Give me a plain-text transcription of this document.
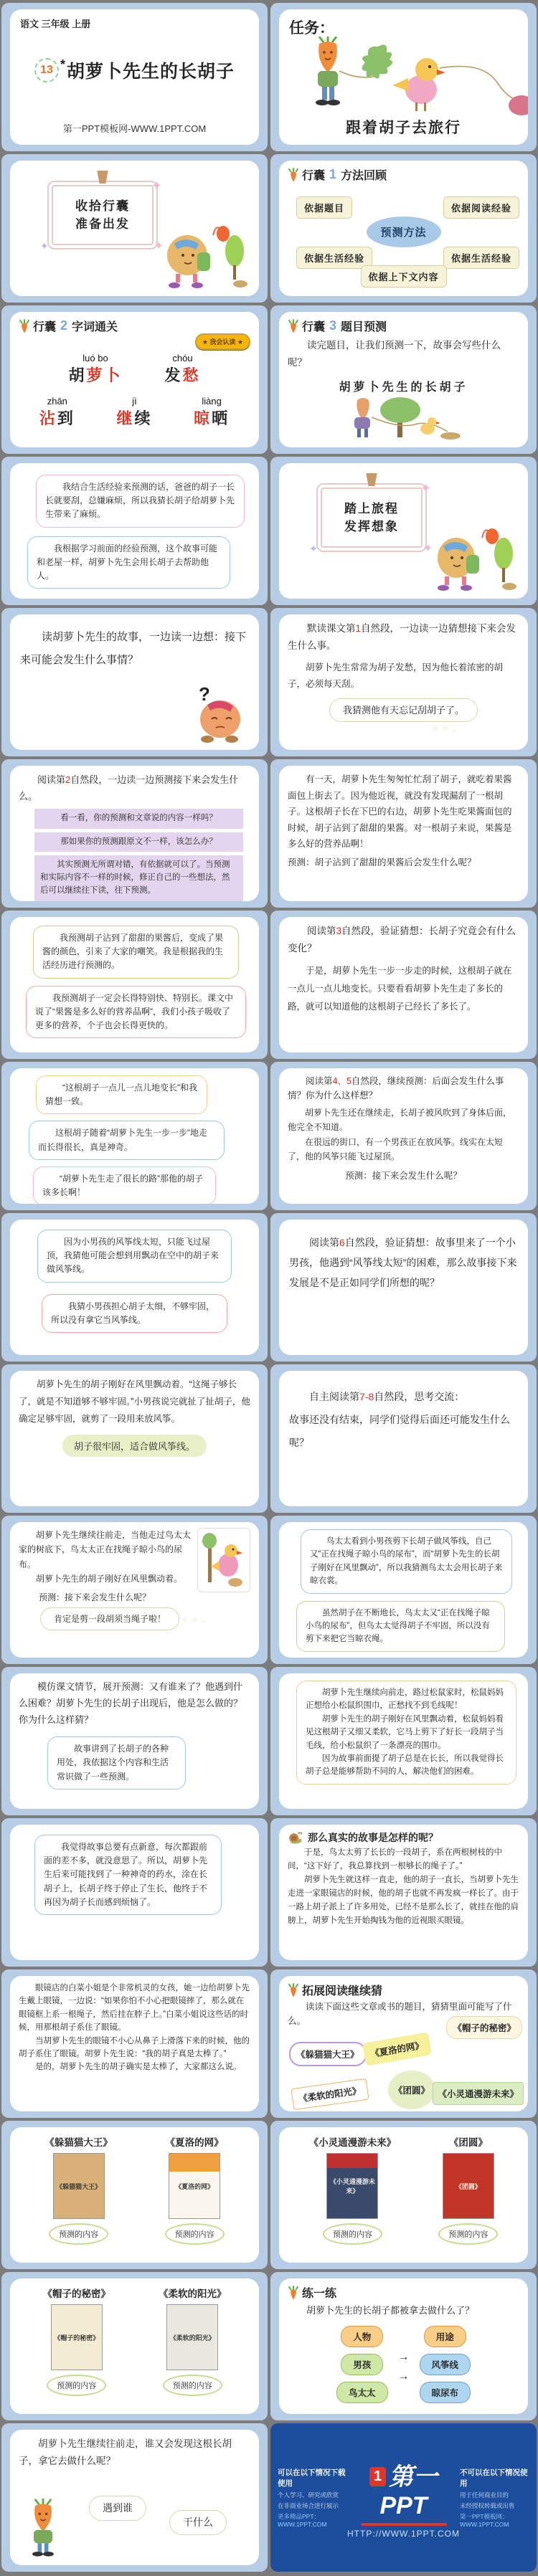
语文 三年级 上册
13 * 胡萝卜先生的长胡子
第一PPT模板网-WWW.1PPT.COM
任务：
跟着胡子去旅行
✦
✦
✦
收拾行囊
准备出发
行囊 1 方法回顾
依据题目	依据阅读经验
预测方法
依据生活经验	依据生活经验
依据上下文内容
行囊 2 字词通关
★ 我会认读 ★
luó bo
胡萝卜
chóu
发愁
zhān
沾到
jì
继续
liàng
晾晒
行囊 3 题目预测
读完题目，让我们预测一下，故事会写些什么呢？
胡萝卜先生的长胡子

我结合生活经验来预测的话，爸爸的胡子一长长就要刮，总嫌麻烦，所以我猜长胡子给胡萝卜先生带来了麻烦。

我根据学习前面的经验预测，这个故事可能和老屋一样，胡萝卜先生会用长胡子去帮助他人。

✦
✦
✦
踏上旅程
发挥想象
读胡萝卜先生的故事，一边读一边想：接下来可能会发生什么事情？
?
默读课文第1自然段，一边读一边猜想接下来会发生什么事。
胡萝卜先生常常为胡子发愁，因为他长着浓密的胡子，必须每天刮。
我猜测他有天忘记刮胡子了。
○ ○ 。
阅读第2自然段，一边读一边预测接下来会发生什么。
看一看，你的预测和文章说的内容一样吗？
那如果你的预测跟原文不一样，该怎么办？
其实预测无所谓对错，有依据就可以了。当预测和实际内容不一样的时候，修正自己的一些想法，然后可以继续往下读，往下预测。
有一天，胡萝卜先生匆匆忙忙刮了胡子，就吃着果酱面包上街去了。因为他近视，就没有发现漏刮了一根胡子。这根胡子长在下巴的右边，胡萝卜先生吃果酱面包的时候，胡子沾到了甜甜的果酱。对一根胡子来说，果酱是多么好的营养品啊！
预测：胡子沾到了甜甜的果酱后会发生什么呢？

我预测胡子沾到了甜甜的果酱后，变成了果酱的颜色，引来了大家的嘲笑。我是根据我的生活经历进行预测的。

我预测胡子一定会长得特别快、特别长。课文中说了“果酱是多么好的营养品啊”，我们小孩子吸收了更多的营养，个子也会长得更快的。

阅读第3自然段，验证猜想：长胡子究竟会有什么变化？
于是，胡萝卜先生一步一步走的时候，这根胡子就在一点儿一点儿地变长。只要看看胡萝卜先生走了多长的路，就可以知道他的这根胡子已经长了多长了。

“这根胡子一点儿一点儿地变长”和我猜想一致。

这根胡子随着“胡萝卜先生一步一步”地走而长得很长，真是神奇。

“胡萝卜先生走了很长的路”那他的胡子该多长啊！

阅读第4、5自然段，继续预测：后面会发生什么事情？你为什么这样想？
胡萝卜先生还在继续走，长胡子被风吹到了身体后面，他完全不知道。
在很远的街口，有一个男孩正在放风筝。线实在太短了，他的风筝只能飞过屋顶。
预测：接下来会发生什么呢？

因为小男孩的风筝线太短，只能飞过屋顶，我猜他可能会想到用飘动在空中的胡子来做风筝线。

我猜小男孩担心胡子太细，不够牢固，所以没有拿它当风筝线。

阅读第6自然段，验证猜想：故事里来了一个小男孩，他遇到“风筝线太短”的困难，那么故事接下来发展是不是正如同学们所想的呢？
胡萝卜先生的胡子刚好在风里飘动着。“这绳子够长了，就是不知道够不够牢固。”小男孩说完就扯了扯胡子，他确定足够牢固，就剪了一段用来放风筝。
胡子很牢固，适合做风筝线。
自主阅读第7-8自然段，思考交流：
故事还没有结束，同学们觉得后面还可能发生什么呢？
胡萝卜先生继续往前走，当他走过鸟太太家的树底下，鸟太太正在找绳子晾小鸟的尿布。
胡萝卜先生的胡子刚好在风里飘动着。
预测：接下来会发生什么呢？
肯定是剪一段胡须当绳子啦！ ○ ○ 。

鸟太太看到小男孩剪下长胡子做风筝线，自己又“正在找绳子晾小鸟的尿布”，而“胡萝卜先生的长胡子刚好在风里飘动”，所以我猜测鸟太太会用长胡子来晾衣裳。

虽然胡子在不断地长，鸟太太又“正在找绳子晾小鸟的尿布”，但鸟太太觉得胡子不牢固，所以没有剪下来把它当晾衣绳。

模仿课文情节，展开预测：又有谁来了？他遇到什么困难？胡萝卜先生的长胡子出现后，他是怎么做的？你为什么这样猜？

故事讲到了长胡子的各种用处，我依据这个内容和生活常识做了一些预测。

胡萝卜先生继续向前走，路过松鼠家时，松鼠妈妈正想给小松鼠织围巾，正愁找不到毛线呢！

胡萝卜先生的胡子刚好在风里飘动着，松鼠妈妈看见这根胡子又细又柔软，它马上剪下了好长一段胡子当毛线，给小松鼠织了一条漂亮的围巾。

因为故事前面提了胡子总是在长长，所以我觉得长胡子总是能够帮助不同的人，解决他们的困难。

我觉得故事总要有点新意，每次都跟前面的差不多，就没意思了。所以，胡萝卜先生后来可能找到了一种神奇的药水，涂在长胡子上，长胡子终于停止了生长，他终于不再因为胡子长而感到烦恼了。

那么真实的故事是怎样的呢？
于是，鸟太太剪了长长的一段胡子，系在两根树枝的中间，“这下好了，我总算找到一根够长的绳子了。”
胡萝卜先生就这样一直走，他的胡子一直长，当胡萝卜先生走进一家眼镜店的时候，他的胡子也就不再发疯一样长了。由于一路上胡子派上了许多用处，已经不是那么长了，就挂在他的肩膀上，胡萝卜先生开始掏钱为他的近视眼买眼镜。
眼镜店的白菜小姐是个非常机灵的女孩，她一边给胡萝卜先生戴上眼镜，一边说：“如果你怕不小心把眼镜摔了，那么就在眼镜框上系一根绳子，然后挂在脖子上。”白菜小姐说这些话的时候，用那根胡子系住了眼镜。
当胡萝卜先生的眼镜不小心从鼻子上滑落下来的时候，他的胡子系住了眼镜。胡萝卜先生说：“我的胡子真是太棒了。”
是的，胡萝卜先生的胡子确实是太棒了，大家都这么说。
拓展阅读继续猜
读读下面这些文章或书的题目，猜猜里面可能写了什么。
《躲猫猫大王》	《夏洛的网》
《帽子的秘密》
《柔软的阳光》	《团圆》 《小灵通漫游未来》
《躲猫猫大王》
《躲猫猫大王》
预测的内容
《夏洛的网》
《夏洛的网》
预测的内容
《小灵通漫游未来》
《小灵通漫游未来》
预测的内容
《团圆》
《团圆》
预测的内容
《帽子的秘密》
《帽子的秘密》
预测的内容
《柔软的阳光》
《柔软的阳光》
预测的内容
练一练
胡萝卜先生的长胡子都被拿去做什么了？
人物
男孩
鸟太太
→
→
用途
风筝线
晾尿布
胡萝卜先生继续往前走，谁又会发现这根长胡子，拿它去做什么呢？
遇到谁
干什么
可以在以下情况下载使用
个人学习、研究或欣赏
在非商业场合进行展示
更多精品PPT：WWW.1PPT.COM
1 第一PPT
HTTP://WWW.1PPT.COM
不可以在以下情况使用
用于任何商业目的
未经授权转载或出售
第一PPT模板网：WWW.1PPT.COM
